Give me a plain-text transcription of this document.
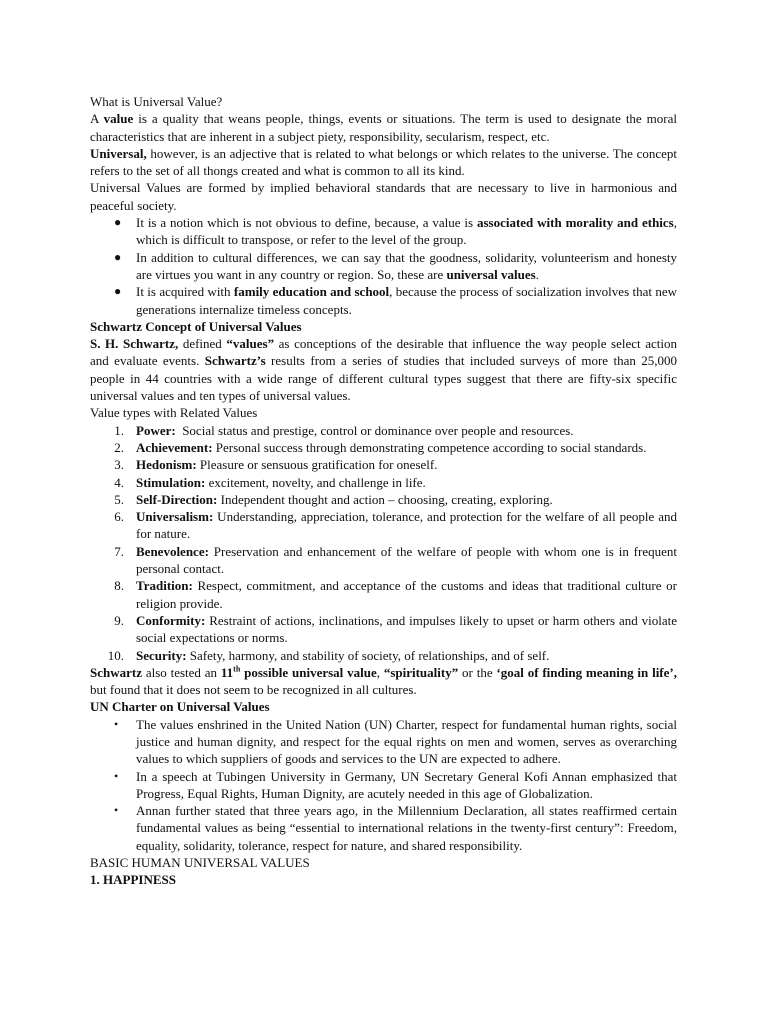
What is Universal Value?

A value is a quality that weans people, things, events or situations. The term is used to designate the moral characteristics that are inherent in a subject piety, responsibility, secularism, respect, etc.

Universal, however, is an adjective that is related to what belongs or which relates to the universe. The concept refers to the set of all thongs created and what is common to all its kind.

Universal Values are formed by implied behavioral standards that are necessary to live in harmonious and peaceful society.

● It is a notion which is not obvious to define, because, a value is associated with morality and ethics, which is difficult to transpose, or refer to the level of the group.
● In addition to cultural differences, we can say that the goodness, solidarity, volunteerism and honesty are virtues you want in any country or region. So, these are universal values.
● It is acquired with family education and school, because the process of socialization involves that new generations internalize timeless concepts.

Schwartz Concept of Universal Values

S. H. Schwartz, defined “values” as conceptions of the desirable that influence the way people select action and evaluate events. Schwartz’s results from a series of studies that included surveys of more than 25,000 people in 44 countries with a wide range of different cultural types suggest that there are fifty-six specific universal values and ten types of universal values.

Value types with Related Values

1. Power:  Social status and prestige, control or dominance over people and resources.
2. Achievement: Personal success through demonstrating competence according to social standards.
3. Hedonism: Pleasure or sensuous gratification for oneself.
4. Stimulation: excitement, novelty, and challenge in life.
5. Self-Direction: Independent thought and action – choosing, creating, exploring.
6. Universalism: Understanding, appreciation, tolerance, and protection for the welfare of all people and for nature.
7. Benevolence: Preservation and enhancement of the welfare of people with whom one is in frequent personal contact.
8. Tradition: Respect, commitment, and acceptance of the customs and ideas that traditional culture or religion provide.
9. Conformity: Restraint of actions, inclinations, and impulses likely to upset or harm others and violate social expectations or norms.
10. Security: Safety, harmony, and stability of society, of relationships, and of self.

Schwartz also tested an 11th possible universal value, “spirituality” or the ‘goal of finding meaning in life’, but found that it does not seem to be recognized in all cultures.

UN Charter on Universal Values

• The values enshrined in the United Nation (UN) Charter, respect for fundamental human rights, social justice and human dignity, and respect for the equal rights on men and women, serves as overarching values to which suppliers of goods and services to the UN are expected to adhere.
• In a speech at Tubingen University in Germany, UN Secretary General Kofi Annan emphasized that Progress, Equal Rights, Human Dignity, are acutely needed in this age of Globalization.
• Annan further stated that three years ago, in the Millennium Declaration, all states reaffirmed certain fundamental values as being “essential to international relations in the twenty-first century”: Freedom, equality, solidarity, tolerance, respect for nature, and shared responsibility.

BASIC HUMAN UNIVERSAL VALUES

1. HAPPINESS
